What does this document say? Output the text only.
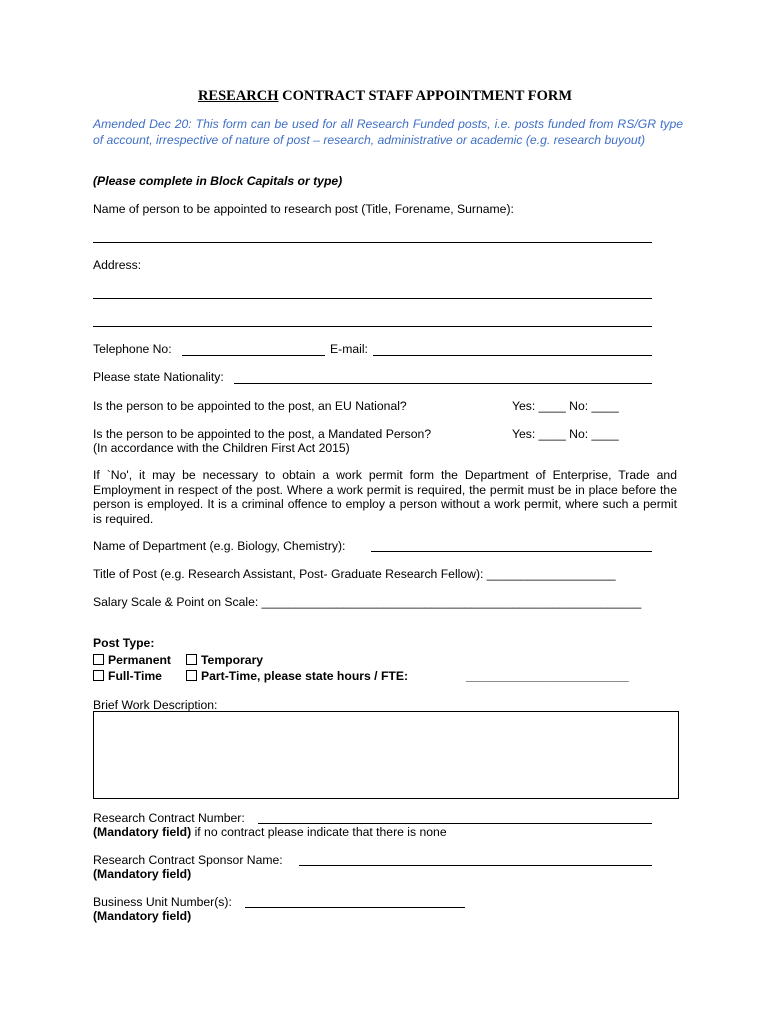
RESEARCH CONTRACT STAFF APPOINTMENT FORM
Amended Dec 20: This form can be used for all Research Funded posts, i.e. posts funded from RS/GR type of account, irrespective of nature of post – research, administrative or academic (e.g. research buyout)
(Please complete in Block Capitals or type)
Name of person to be appointed to research post (Title, Forename, Surname):
Address:
Telephone No:	E-mail:
Please state Nationality:
Is the person to be appointed to the post, an EU National?	Yes: ____ No: ____
Is the person to be appointed to the post, a Mandated Person?	Yes: ____ No: ____
(In accordance with the Children First Act 2015)
If `No', it may be necessary to obtain a work permit form the Department of Enterprise, Trade and Employment in respect of the post. Where a work permit is required, the permit must be in place before the person is employed. It is a criminal offence to employ a person without a work permit, where such a permit is required.
Name of Department (e.g. Biology, Chemistry):
Title of Post (e.g. Research Assistant, Post- Graduate Research Fellow): ___________________
Salary Scale & Point on Scale: ________________________________________________________
Post Type:
Permanent	Temporary
Full-Time	Part-Time, please state hours / FTE:	________________________
Brief Work Description:
Research Contract Number:
(Mandatory field) if no contract please indicate that there is none
Research Contract Sponsor Name:
(Mandatory field)
Business Unit Number(s):
(Mandatory field)
